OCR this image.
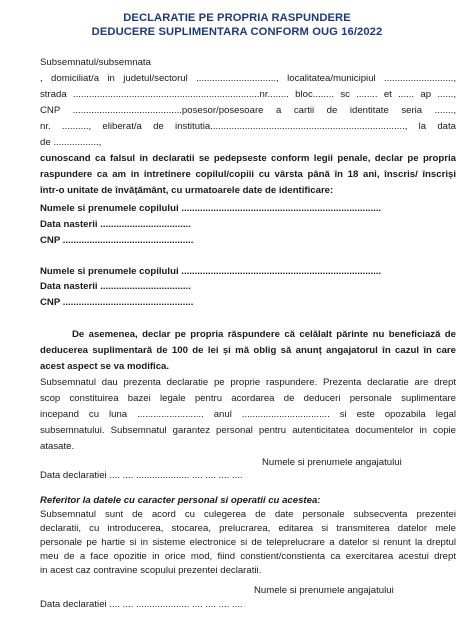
DECLARATIE PE PROPRIA RASPUNDERE
DEDUCERE SUPLIMENTARA CONFORM OUG 16/2022
Subsemnatul/subsemnata
, domiciliat/a in judetul/sectorul .............................., localitatea/municipiul ..........................,
strada ......................................................................nr........ bloc........ sc ........ et ...... ap ......,
CNP .........................................posesor/posesoare a cartii de identitate seria .......,
nr. .........., eliberat/a de institutia........................................................................., la data
de .................,
cunoscand ca falsul in declaratii se pedepseste conform legii penale, declar pe propria
raspundere ca am in intretinere copilul/copiii cu vârsta până în 18 ani, înscris/ înscriși
într-o unitate de învățământ, cu urmatoarele date de identificare:
Numele si prenumele copilului ...........................................................................
Data nasterii ..................................
CNP .................................................
Numele si prenumele copilului ...........................................................................
Data nasterii ..................................
CNP .................................................
De asemenea, declar pe propria răspundere că celălalt părinte nu beneficiază de
deducerea suplimentară de 100 de lei și mă oblig să anunț angajatorul în cazul în care
acest aspect se va modifica.
Subsemnatul dau prezenta declaratie pe proprie raspundere. Prezenta declaratie are drept
scop constituirea bazei legale pentru acordarea de deduceri personale suplimentare
incepand cu luna ......................... anul ................................. si este opozabila legal
subsemnatului. Subsemnatul garantez personal pentru autenticitatea documentelor in copie
atasate.
Numele si prenumele angajatului
Data declaratiei .... .... .................... .... .... .... ....
Referitor la datele cu caracter personal si operatii cu acestea:
Subsemnatul sunt de acord cu culegerea de date personale subsecventa prezentei
declaratii, cu introducerea, stocarea, prelucrarea, editarea si transmiterea datelor mele
personale pe hartie si in sisteme electronice si de teleprelucrare a datelor si renunt la dreptul
meu de a face opozitie in orice mod, fiind constient/constienta ca exercitarea acestui drept
in acest caz contravine scopului prezentei declaratii.
Numele si prenumele angajatului
Data declaratiei .... .... .................... .... .... .... ....
